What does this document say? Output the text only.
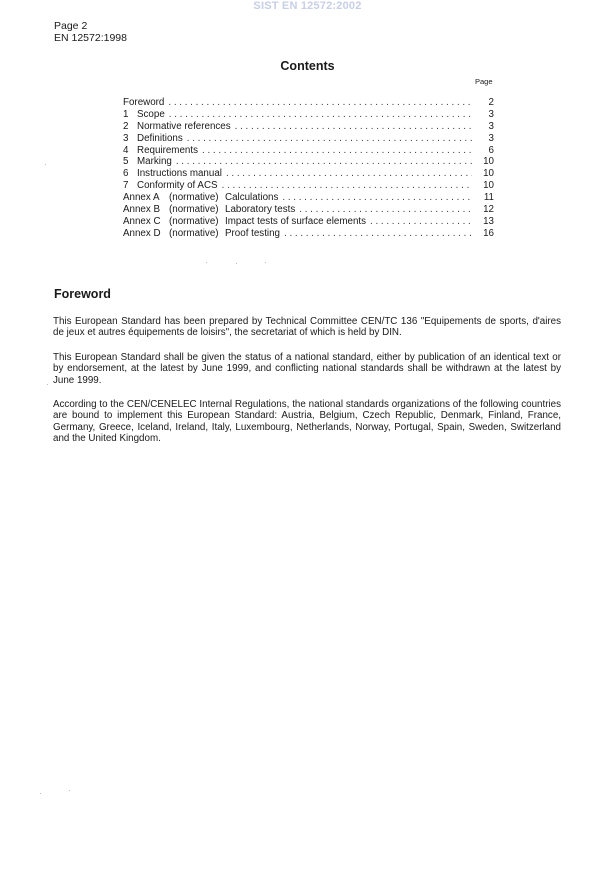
SIST EN 12572:2002
Page 2
EN 12572:1998
Contents
Page
Foreword . . .	2
1 Scope . . .	3
2 Normative references . . .	3
3 Definitions . . .	3
4 Requirements . . .	6
5 Marking . . .	10
6 Instructions manual . . .	10
7 Conformity of ACS . . .	10
Annex A (normative) Calculations . . .	11
Annex B (normative) Laboratory tests . . .	12
Annex C (normative) Impact tests of surface elements . . .	13
Annex D (normative) Proof testing . . .	16
Foreword
This European Standard has been prepared by Technical Committee CEN/TC 136 "Equipements de sports, d'aires de jeux et autres équipements de loisirs", the secretariat of which is held by DIN.
This European Standard shall be given the status of a national standard, either by publication of an identical text or by endorsement, at the latest by June 1999, and conflicting national standards shall be withdrawn at the latest by June 1999.
According to the CEN/CENELEC Internal Regulations, the national standards organizations of the following countries are bound to implement this European Standard: Austria, Belgium, Czech Republic, Denmark, Finland, France, Germany, Greece, Iceland, Ireland, Italy, Luxembourg, Netherlands, Norway, Portugal, Spain, Sweden, Switzerland and the United Kingdom.
